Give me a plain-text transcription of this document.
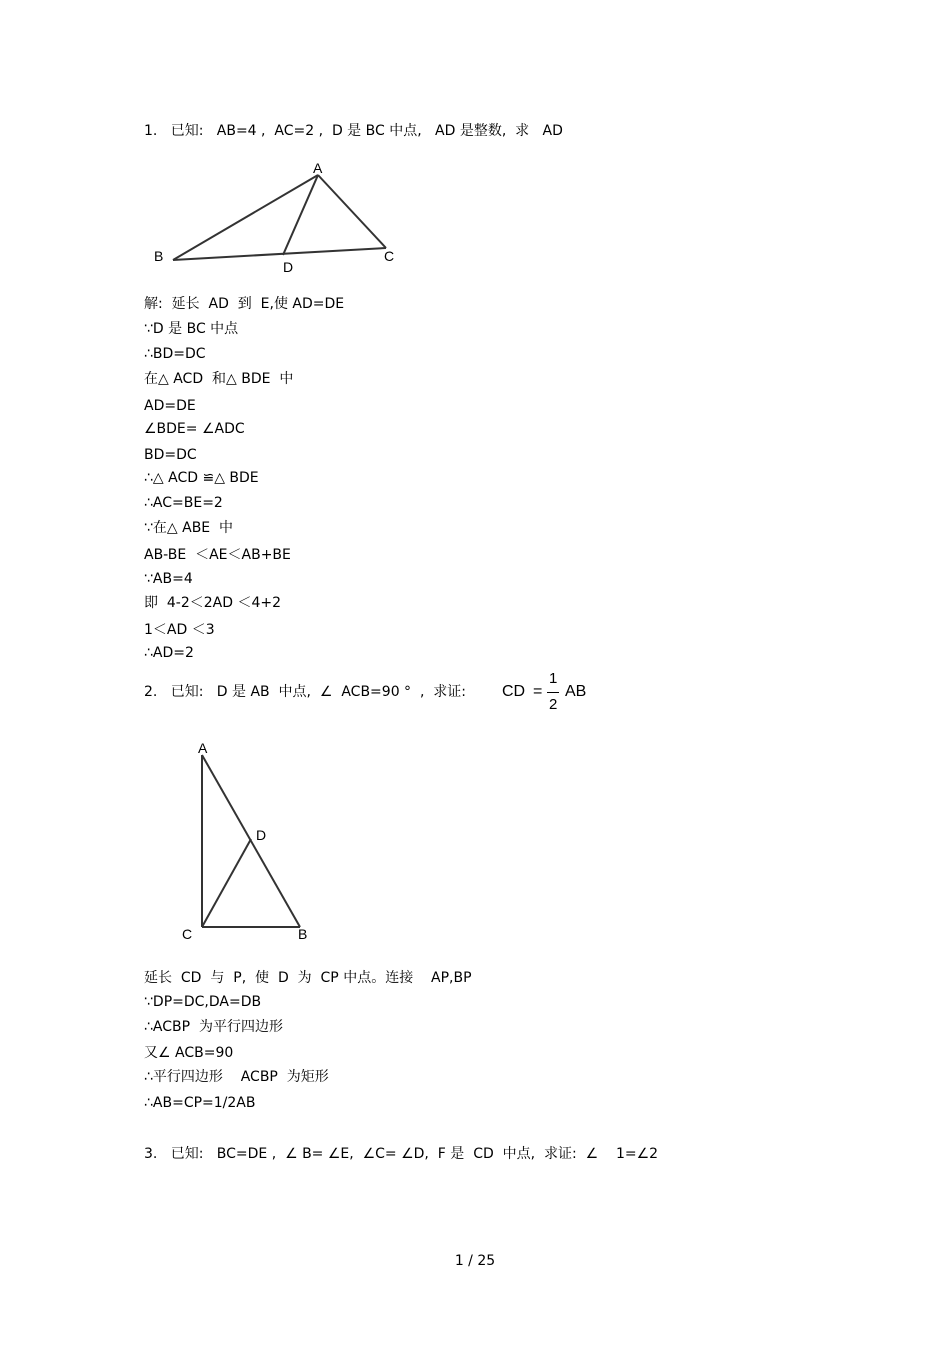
1.   已知:   AB=4 ,  AC=2 ,  D 是 BC 中点,   AD 是整数,  求   AD
A
B	C
D
解:  延长  AD  到  E,使 AD=DE
∵D 是 BC 中点
∴BD=DC
在△ ACD  和△ BDE  中
AD=DE
∠BDE= ∠ADC
BD=DC
∴△ ACD ≌△ BDE
∴AC=BE=2
∵在△ ABE  中
AB-BE  ＜AE＜AB+BE
∵AB=4
即  4-2＜2AD ＜4+2
1＜AD ＜3
∴AD=2
2.   已知:   D 是 AB  中点,  ∠  ACB=90 °  ,  求证: CD =
1
2
AB
A
D
C	B
延长  CD  与  P,  使  D  为  CP 中点。连接    AP,BP
∵DP=DC,DA=DB
∴ACBP  为平行四边形
又∠ ACB=90
∴平行四边形    ACBP  为矩形
∴AB=CP=1/2AB
3.   已知:   BC=DE ,  ∠ B= ∠E,  ∠C= ∠D,  F 是  CD  中点,  求证:  ∠    1=∠2
1 / 25
